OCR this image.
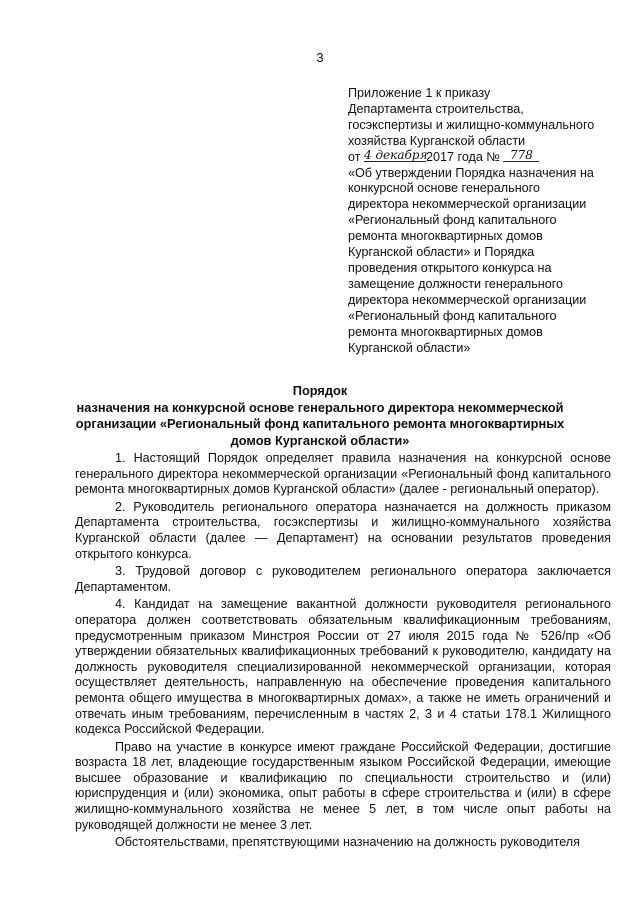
3
Приложение 1 к приказу
Департамента строительства,
госэкспертизы и жилищно-коммунального
хозяйства Курганской области
от 4 декабря2017 года № 778
«Об утверждении Порядка назначения на
конкурсной основе генерального
директора некоммерческой организации
«Региональный фонд капитального
ремонта многоквартирных домов
Курганской области» и Порядка
проведения открытого конкурса на
замещение должности генерального
директора некоммерческой организации
«Региональный фонд капитального
ремонта многоквартирных домов
Курганской области»
Порядок
назначения на конкурсной основе генерального директора некоммерческой
организации «Региональный фонд капитального ремонта многоквартирных
домов Курганской области»

1. Настоящий Порядок определяет правила назначения на конкурсной основе генерального директора некоммерческой организации «Региональный фонд капитального ремонта многоквартирных домов Курганской области» (далее - региональный оператор).

2. Руководитель регионального оператора назначается на должность приказом Департамента строительства, госэкспертизы и жилищно-коммунального хозяйства Курганской области (далее — Департамент) на основании результатов проведения открытого конкурса.

3. Трудовой договор с руководителем регионального оператора заключается Департаментом.

4. Кандидат на замещение вакантной должности руководителя регионального оператора должен соответствовать обязательным квалификационным требованиям, предусмотренным приказом Минстроя России от 27 июля 2015 года № 526/пр «Об утверждении обязательных квалификационных требований к руководителю, кандидату на должность руководителя специализированной некоммерческой организации, которая осуществляет деятельность, направленную на обеспечение проведения капитального ремонта общего имущества в многоквартирных домах», а также не иметь ограничений и отвечать иным требованиям, перечисленным в частях 2, 3 и 4 статьи 178.1 Жилищного кодекса Российской Федерации.

Право на участие в конкурсе имеют граждане Российской Федерации, достигшие возраста 18 лет, владеющие государственным языком Российской Федерации, имеющие высшее образование и квалификацию по специальности строительство и (или) юриспруденция и (или) экономика, опыт работы в сфере строительства и (или) в сфере жилищно-коммунального хозяйства не менее 5 лет, в том числе опыт работы на руководящей должности не менее 3 лет.

Обстоятельствами, препятствующими назначению на должность руководителя
